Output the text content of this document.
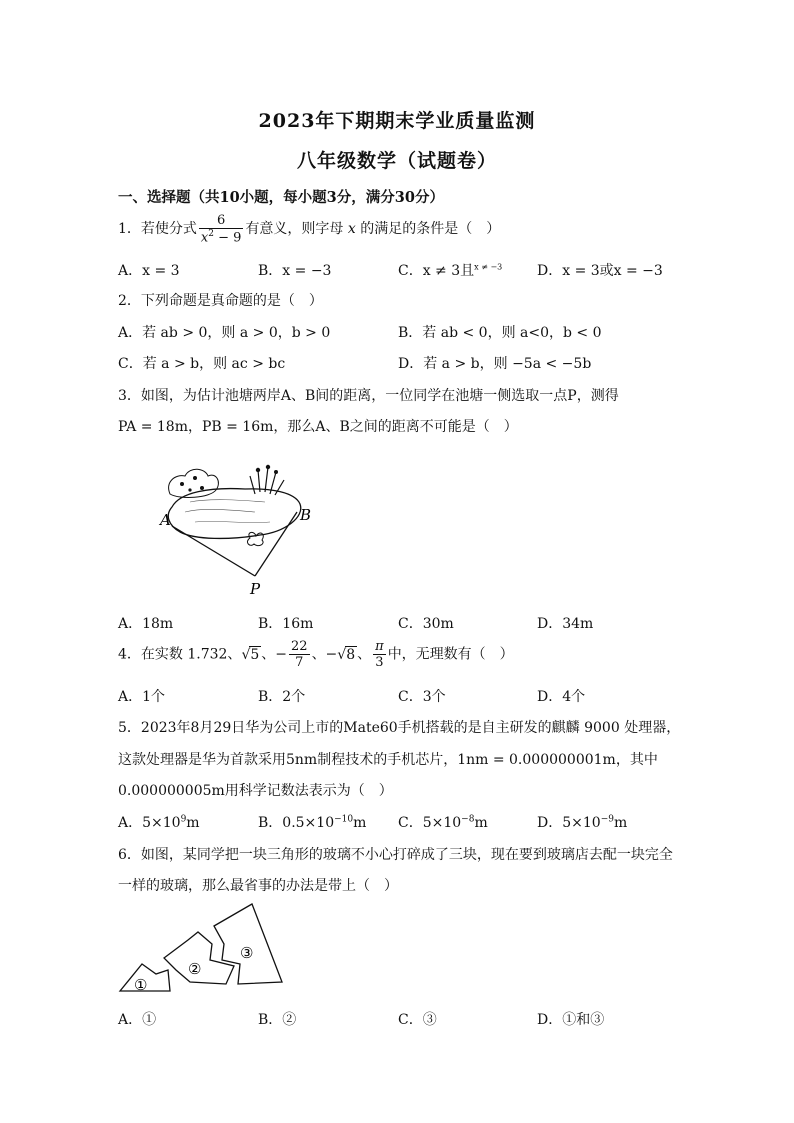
2023年下期期末学业质量监测
八年级数学（试题卷）
一、选择题（共10小题，每小题3分，满分30分）
1．若使分式 $\frac{6}{x^2 - 9}$ 有意义，则字母 x 的满足的条件是（　）
A．x = 3	B．x = −3	C．x ≠ 3且$^{x \ne -3}$ D．x = 3或x = −3
2．下列命题是真命题的是（　）
A．若 ab > 0，则 a > 0，b > 0	B．若 ab < 0，则 a<0，b < 0
C．若 a > b，则 ac > bc	D．若 a > b，则 −5a < −5b
3．如图，为估计池塘两岸A、B间的距离，一位同学在池塘一侧选取一点P，测得
PA = 18m，PB = 16m，那么A、B之间的距离不可能是（　）
A	B
P
A．18m	B．16m	C．30m	D．34m
4．在实数 1.732、√5 、− $\frac{22}{7}$ 、−√8 、 $\frac{\pi}{3}$ 中，无理数有（　）
A．1个	B．2个	C．3个	D．4个
5．2023年8月29日华为公司上市的Mate60手机搭载的是自主研发的麒麟 9000 处理器，
这款处理器是华为首款采用5nm制程技术的手机芯片，1nm = 0.000000001m，其中
0.000000005m用科学记数法表示为（　）
A．$5\times 10^9m$	B．$0.5\times 10^{-10}m$ C．$5\times 10^{-8}m$	D．$5\times 10^{-9}m$
6．如图，某同学把一块三角形的玻璃不小心打碎成了三块，现在要到玻璃店去配一块完全
一样的玻璃，那么最省事的办法是带上（　）
①
②
③
A．①	B．②	C．③	D．①和③
